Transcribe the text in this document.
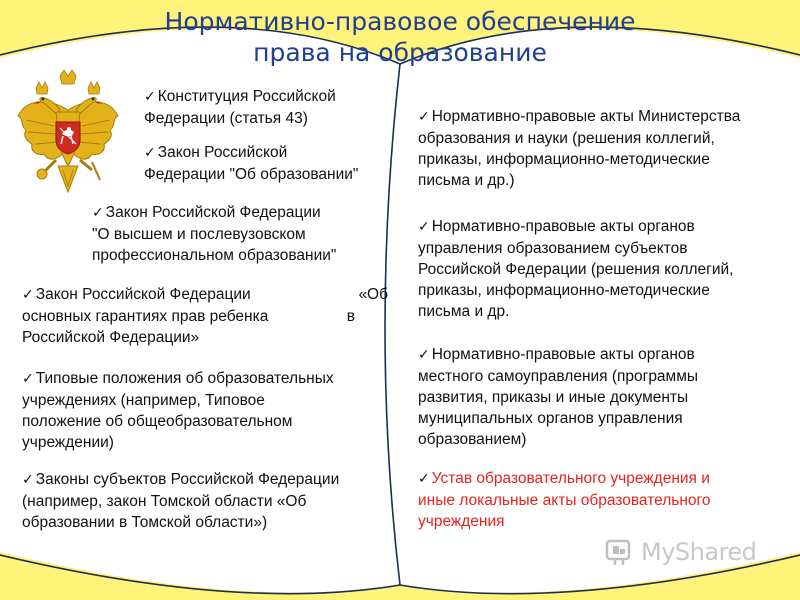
Нормативно-правовое обеспечение
права на образование
✓ Конституция Российской
Федерации (статья 43)
✓ Закон Российской
Федерации "Об образовании"
✓ Закон Российской Федерации
"О высшем и послевузовском
профессиональном образовании"
✓ Закон Российской Федерации	«Об
основных гарантиях прав ребенка	в
Российской Федерации»
✓ Типовые положения об образовательных
учреждениях (например, Типовое
положение об общеобразовательном
учреждении)
✓ Законы субъектов Российской Федерации
(например, закон Томской области «Об
образовании в Томской области»)
✓ Нормативно-правовые акты Министерства
образования и науки (решения коллегий,
приказы, информационно-методические
письма и др.)
✓ Нормативно-правовые акты органов
управления образованием субъектов
Российской Федерации (решения коллегий,
приказы, информационно-методические
письма и др.
✓ Нормативно-правовые акты органов
местного самоуправления (программы
развития, приказы и иные документы
муниципальных органов управления
образованием)
✓ Устав образовательного учреждения и
иные локальные акты образовательного
учреждения
MyShared
